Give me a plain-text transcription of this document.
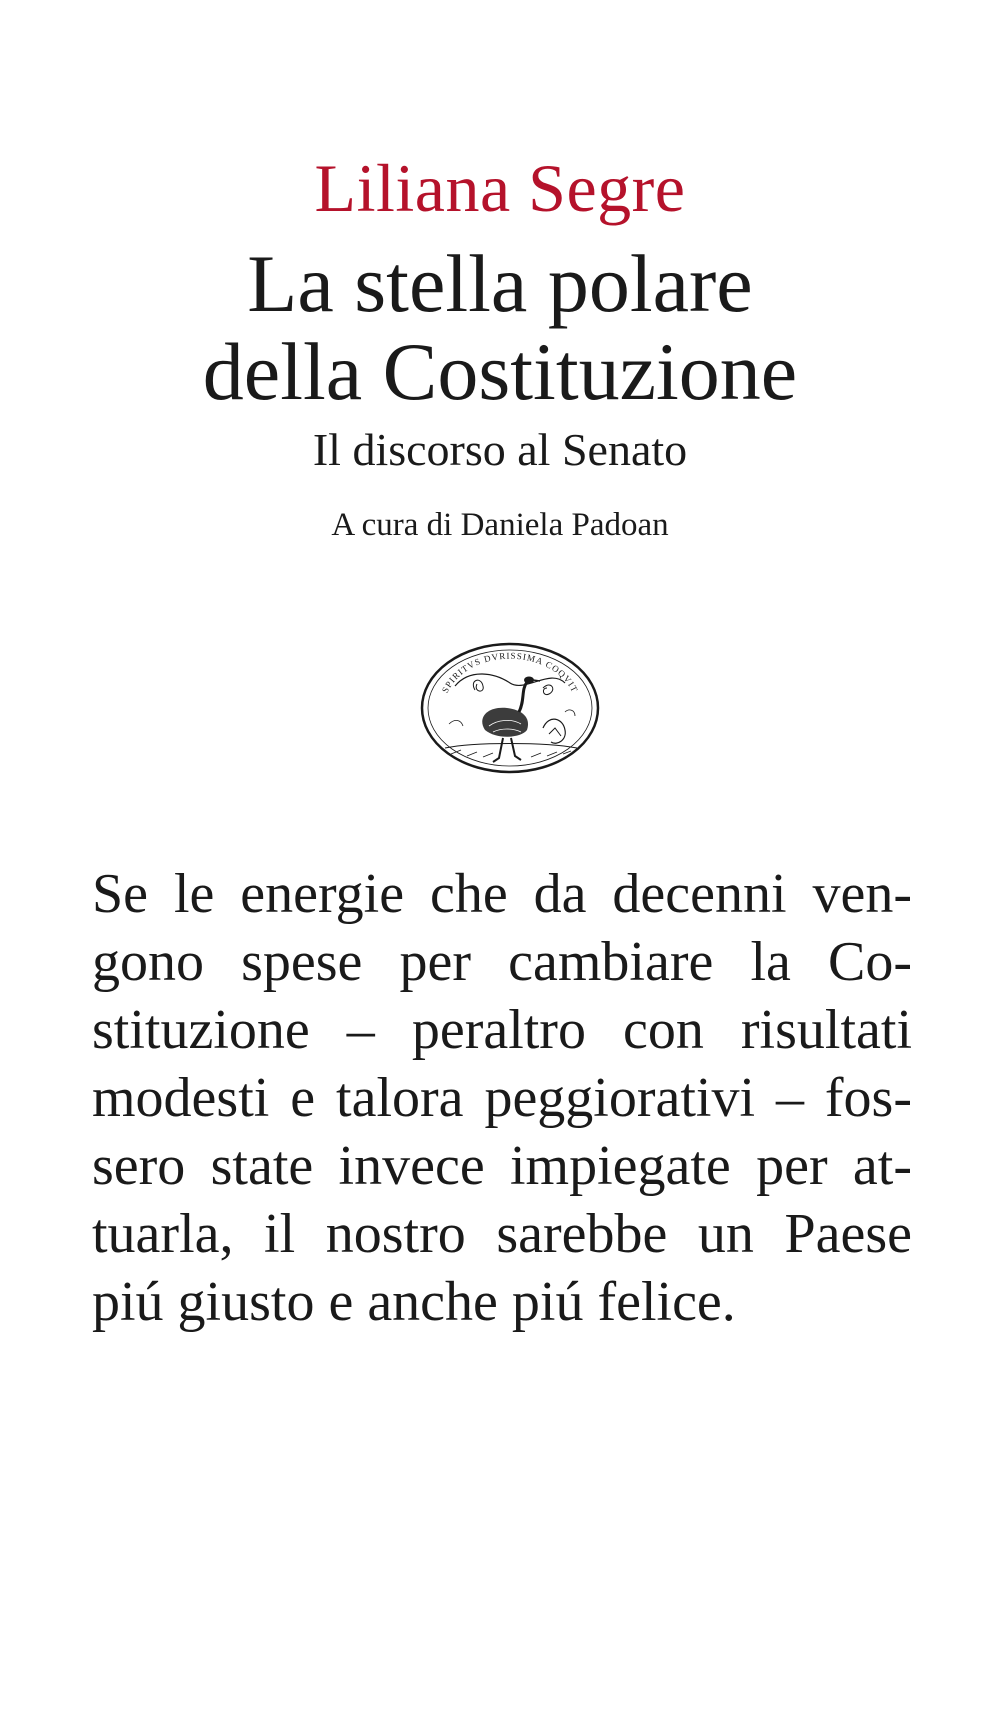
Liliana Segre
La stella polare
della Costituzione
Il discorso al Senato
A cura di Daniela Padoan
SPIRITVS DVRISSIMA COQVIT
Se le energie che da decenni ven-
gono spese per cambiare la Co-
stituzione – peraltro con risultati
modesti e talora peggiorativi – fos-
sero state invece impiegate per at-
tuarla, il nostro sarebbe un Paese
piú giusto e anche piú felice.
